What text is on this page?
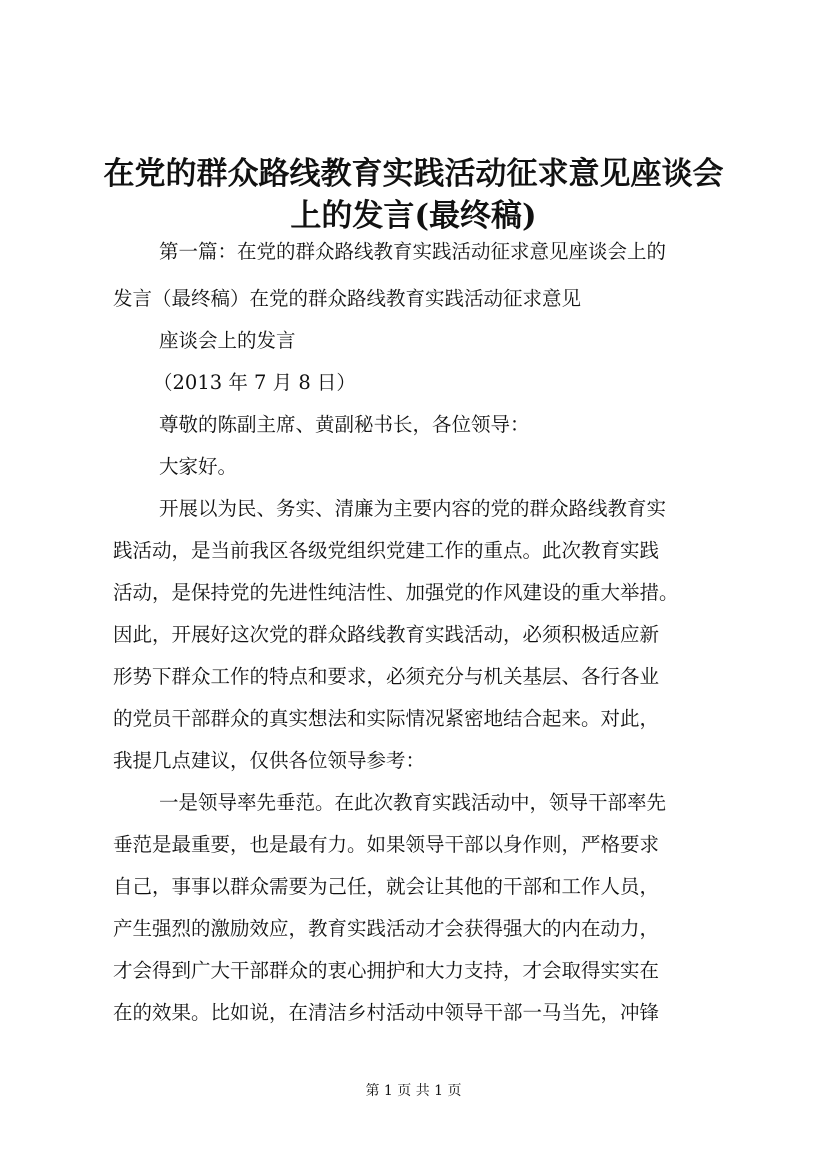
在党的群众路线教育实践活动征求意见座谈会
上的发言(最终稿)
第一篇：在党的群众路线教育实践活动征求意见座谈会上的
发言（最终稿）在党的群众路线教育实践活动征求意见
座谈会上的发言
（2013 年 7 月 8 日）
尊敬的陈副主席、黄副秘书长，各位领导：
大家好。
开展以为民、务实、清廉为主要内容的党的群众路线教育实
践活动，是当前我区各级党组织党建工作的重点。此次教育实践
活动，是保持党的先进性纯洁性、加强党的作风建设的重大举措。
因此，开展好这次党的群众路线教育实践活动，必须积极适应新
形势下群众工作的特点和要求，必须充分与机关基层、各行各业
的党员干部群众的真实想法和实际情况紧密地结合起来。对此，
我提几点建议，仅供各位领导参考：
一是领导率先垂范。在此次教育实践活动中，领导干部率先
垂范是最重要，也是最有力。如果领导干部以身作则，严格要求
自己，事事以群众需要为己任，就会让其他的干部和工作人员，
产生强烈的激励效应，教育实践活动才会获得强大的内在动力，
才会得到广大干部群众的衷心拥护和大力支持，才会取得实实在
在的效果。比如说，在清洁乡村活动中领导干部一马当先，冲锋
第 1 页 共 1 页
